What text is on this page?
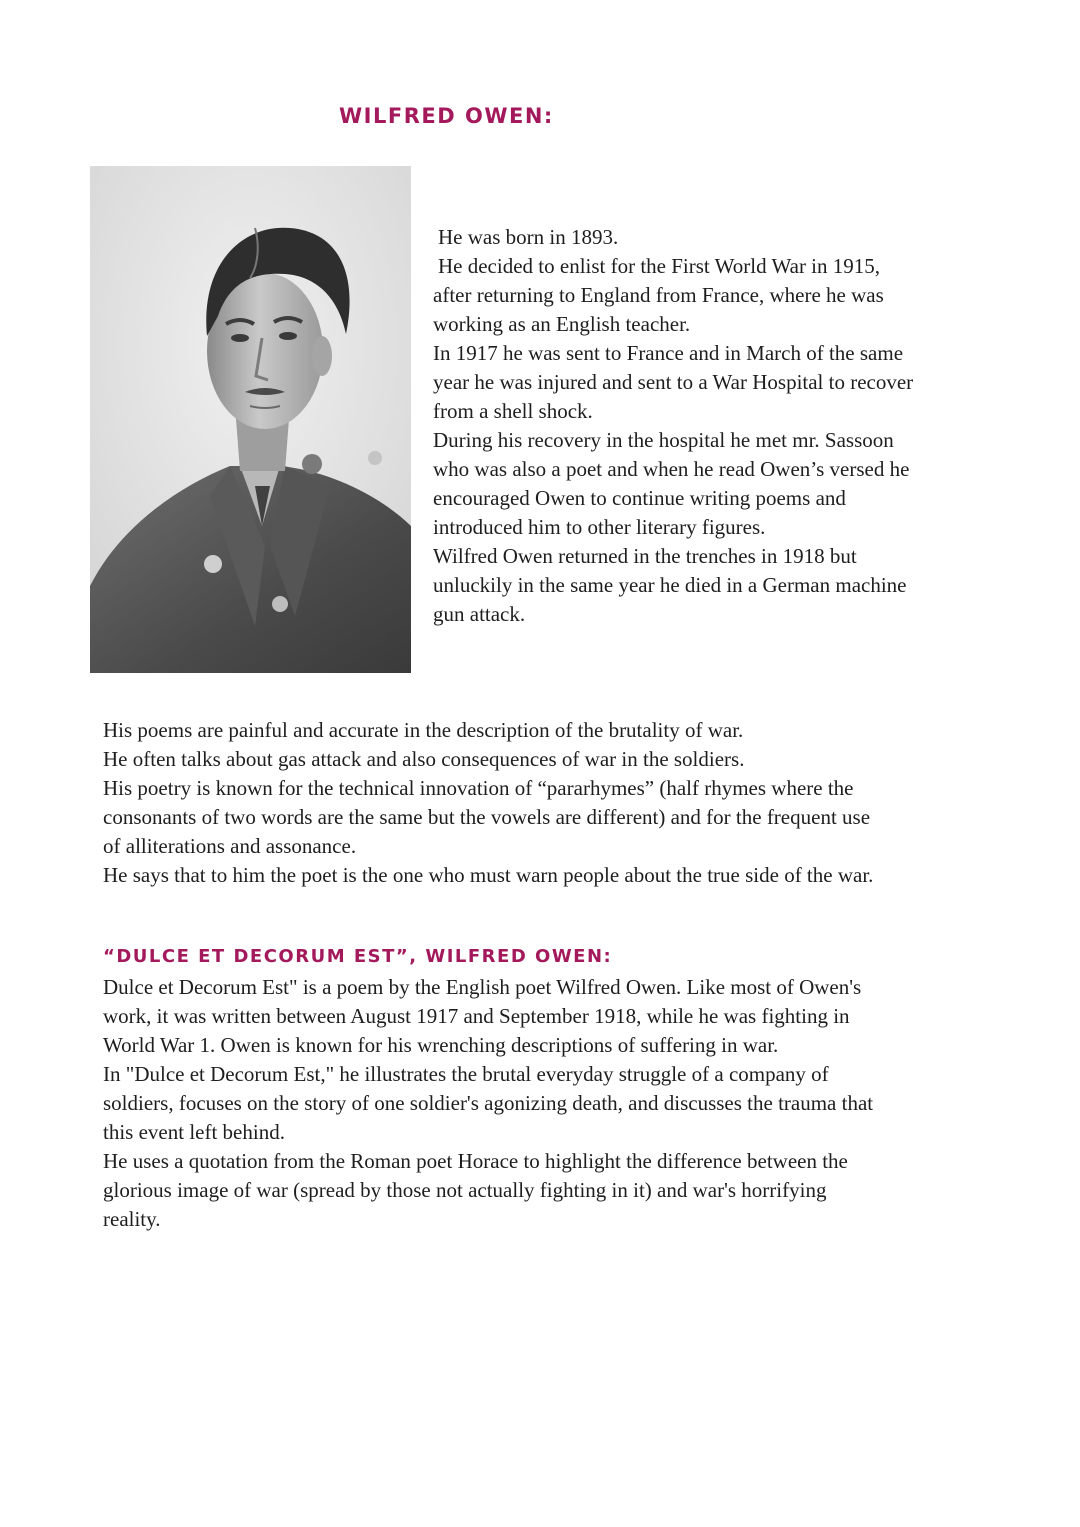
WILFRED OWEN:
He was born in 1893.
He decided to enlist for the First World War in 1915,
after returning to England from France, where he was
working as an English teacher.
In 1917 he was sent to France and in March of the same
year he was injured and sent to a War Hospital to recover
from a shell shock.
During his recovery in the hospital he met mr. Sassoon
who was also a poet and when he read Owen’s versed he
encouraged Owen to continue writing poems and
introduced him to other literary figures.
Wilfred Owen returned in the trenches in 1918 but
unluckily in the same year he died in a German machine
gun attack.
His poems are painful and accurate in the description of the brutality of war.
He often talks about gas attack and also consequences of war in the soldiers.
His poetry is known for the technical innovation of “pararhymes” (half rhymes where the
consonants of two words are the same but the vowels are different) and for the frequent use
of alliterations and assonance.
He says that to him the poet is the one who must warn people about the true side of the war.
“DULCE ET DECORUM EST”, WILFRED OWEN:
Dulce et Decorum Est" is a poem by the English poet Wilfred Owen. Like most of Owen's
work, it was written between August 1917 and September 1918, while he was fighting in
World War 1. Owen is known for his wrenching descriptions of suffering in war.
In "Dulce et Decorum Est," he illustrates the brutal everyday struggle of a company of
soldiers, focuses on the story of one soldier's agonizing death, and discusses the trauma that
this event left behind.
He uses a quotation from the Roman poet Horace to highlight the difference between the
glorious image of war (spread by those not actually fighting in it) and war's horrifying
reality.
